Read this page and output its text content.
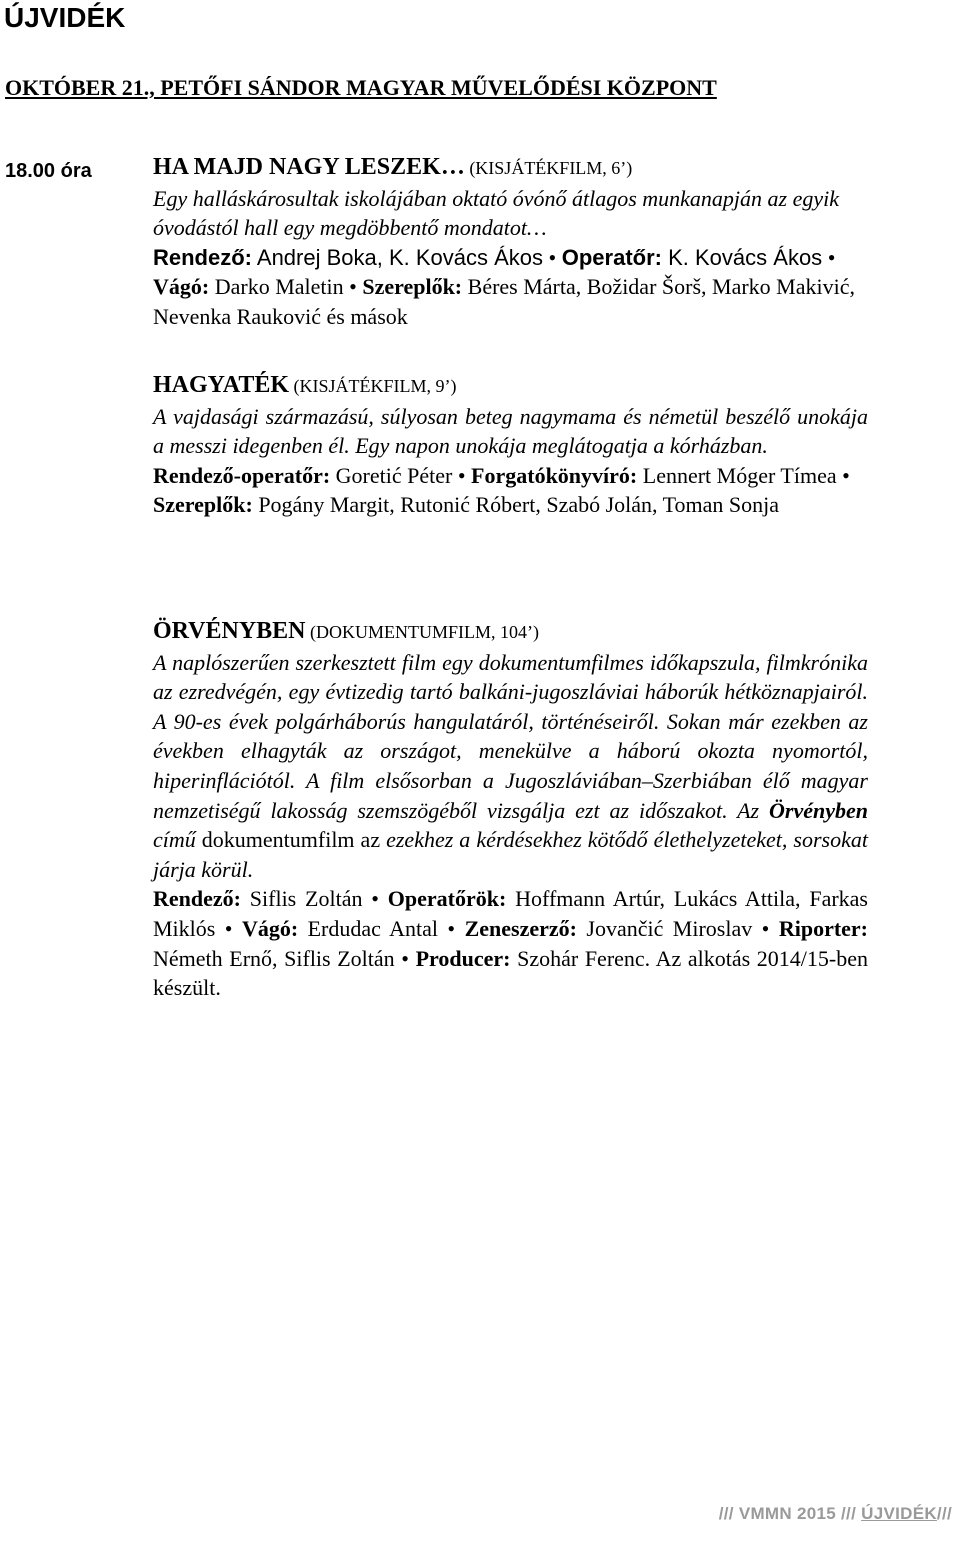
ÚJVIDÉK
OKTÓBER 21., PETŐFI SÁNDOR MAGYAR MŰVELŐDÉSI KÖZPONT
18.00 óra	HA MAJD NAGY LESZEK… (KISJÁTÉKFILM, 6’)
Egy halláskárosultak iskolájában oktató óvónő átlagos munkanapján az egyik óvodástól hall egy megdöbbentő mondatot…
Rendező: Andrej Boka, K. Kovács Ákos • Operatőr: K. Kovács Ákos • Vágó: Darko Maletin • Szereplők: Béres Márta, Božidar Šorš, Marko Makivić, Nevenka Rauković és mások
HAGYATÉK (KISJÁTÉKFILM, 9’)
A vajdasági származású, súlyosan beteg nagymama és németül beszélő unokája a messzi idegenben él. Egy napon unokája meglátogatja a kórházban.
Rendező-operatőr: Goretić Péter • Forgatókönyvíró: Lennert Móger Tímea • Szereplők: Pogány Margit, Rutonić Róbert, Szabó Jolán, Toman Sonja
ÖRVÉNYBEN (DOKUMENTUMFILM, 104’)
A naplószerűen szerkesztett film egy dokumentumfilmes időkapszula, filmkrónika az ezredvégén, egy évtizedig tartó balkáni-jugoszláviai háborúk hétköznapjairól. A 90-es évek polgárháborús hangulatáról, történéseiről. Sokan már ezekben az években elhagyták az országot, menekülve a háború okozta nyomortól, hiperinflációtól. A film elsősorban a Jugoszláviában–Szerbiában élő magyar nemzetiségű lakosság szemszögéből vizsgálja ezt az időszakot. Az Örvényben című dokumentumfilm az ezekhez a kérdésekhez kötődő élethelyzeteket, sorsokat járja körül.
Rendező: Siflis Zoltán • Operatőrök: Hoffmann Artúr, Lukács Attila, Farkas Miklós • Vágó: Erdudac Antal • Zeneszerző: Jovančić Miroslav • Riporter: Németh Ernő, Siflis Zoltán • Producer: Szohár Ferenc. Az alkotás 2014/15-ben készült.
/// VMMN 2015 /// ÚJVIDÉK///
